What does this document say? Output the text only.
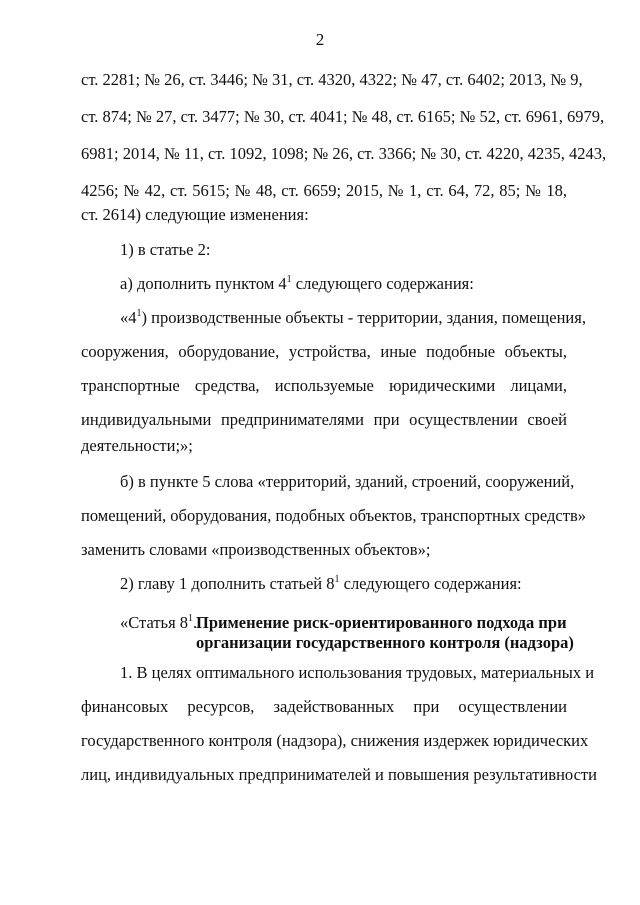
2
ст. 2281; № 26, ст. 3446; № 31, ст. 4320, 4322; № 47, ст. 6402; 2013, № 9,
ст. 874; № 27, ст. 3477; № 30, ст. 4041; № 48, ст. 6165; № 52, ст. 6961, 6979,
6981; 2014, № 11, ст. 1092, 1098; № 26, ст. 3366; № 30, ст. 4220, 4235, 4243,
4256; № 42, ст. 5615; № 48, ст. 6659; 2015, № 1, ст. 64, 72, 85; № 18,
ст. 2614) следующие изменения:
1) в статье 2:
а) дополнить пунктом $4^1$ следующего содержания:
«$4^1$) производственные объекты - территории, здания, помещения,
сооружения, оборудование, устройства, иные подобные объекты,
транспортные средства, используемые юридическими лицами,
индивидуальными предпринимателями при осуществлении своей
деятельности;»;
б) в пункте 5 слова «территорий, зданий, строений, сооружений,
помещений, оборудования, подобных объектов, транспортных средств»
заменить словами «производственных объектов»;
2) главу 1 дополнить статьей $8^1$ следующего содержания:
«Статья $8^1$.
Применение риск-ориентированного подхода при
организации государственного контроля (надзора)
1. В целях оптимального использования трудовых, материальных и
финансовых ресурсов, задействованных при осуществлении
государственного контроля (надзора), снижения издержек юридических
лиц, индивидуальных предпринимателей и повышения результативности
